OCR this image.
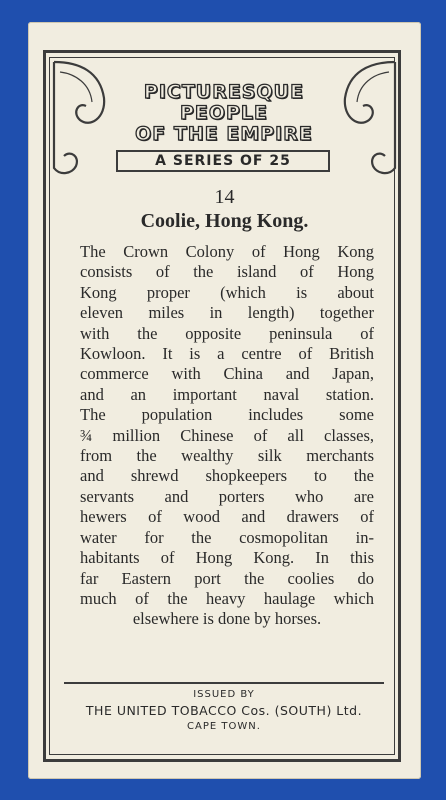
PICTURESQUE
PEOPLE
OF THE EMPIRE
A SERIES OF 25
14
Coolie, Hong Kong.
The Crown Colony of Hong Kong
consists of the island of Hong
Kong proper (which is about
eleven miles in length) together
with the opposite peninsula of
Kowloon. It is a centre of British
commerce with China and Japan,
and an important naval station.
The population includes some
¾ million Chinese of all classes,
from the wealthy silk merchants
and shrewd shopkeepers to the
servants and porters who are
hewers of wood and drawers of
water for the cosmopolitan in-
habitants of Hong Kong. In this
far Eastern port the coolies do
much of the heavy haulage which
elsewhere is done by horses.
ISSUED BY
THE UNITED TOBACCO Cos. (SOUTH) Ltd.
CAPE TOWN.
